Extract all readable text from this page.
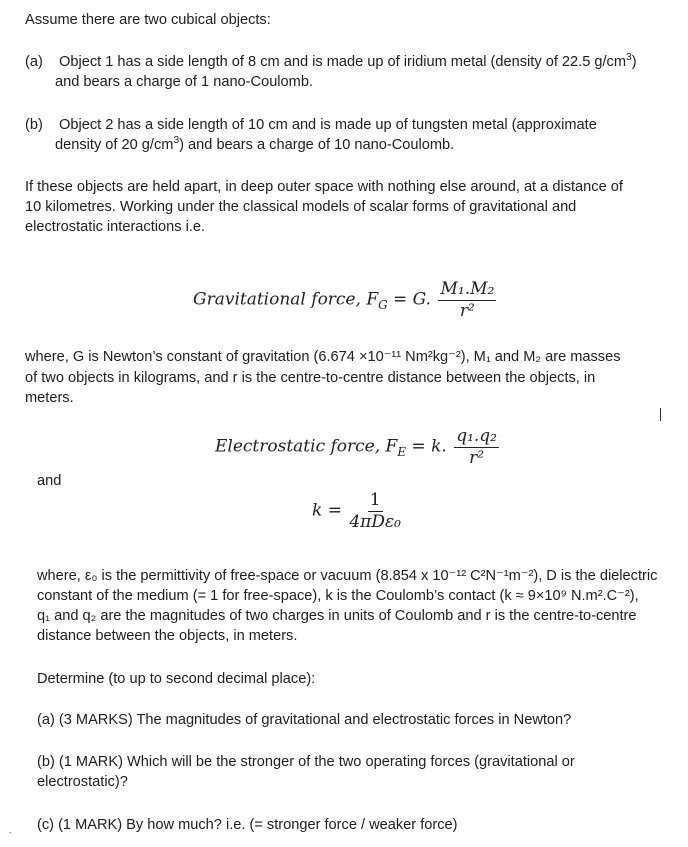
Assume there are two cubical objects:
(a) Object 1 has a side length of 8 cm and is made up of iridium metal (density of 22.5 $g/cm^3$)
and bears a charge of 1 nano-Coulomb.
(b) Object 2 has a side length of 10 cm and is made up of tungsten metal (approximate
density of 20 $g/cm^3$) and bears a charge of 10 nano-Coulomb.
If these objects are held apart, in deep outer space with nothing else around, at a distance of
10 kilometres. Working under the classical models of scalar forms of gravitational and
electrostatic interactions i.e.
Gravitational force, $F_G = G$. $\frac{\text{M₁.M₂}}{\text{r²}}$
where, G is Newton’s constant of gravitation (6.674 ×10⁻¹¹ Nm²kg⁻²), M₁ and M₂ are masses
of two objects in kilograms, and r is the centre-to-centre distance between the objects, in
meters.
Electrostatic force, $F_E = k$. $\frac{\text{q₁.q₂}}{\text{r²}}$
and
$k = \frac{1}{\text{4πDε₀}}$
where, ε₀ is the permittivity of free-space or vacuum (8.854 x 10⁻¹² C²N⁻¹m⁻²), D is the dielectric
constant of the medium (= 1 for free-space), k is the Coulomb’s contact (k ≈ 9×10⁹ N.m².C⁻²),
q₁ and q₂ are the magnitudes of two charges in units of Coulomb and r is the centre-to-centre
distance between the objects, in meters.
Determine (to up to second decimal place):
(a) (3 MARKS) The magnitudes of gravitational and electrostatic forces in Newton?
(b) (1 MARK) Which will be the stronger of the two operating forces (gravitational or
electrostatic)?
(c) (1 MARK) By how much? i.e. (= stronger force / weaker force)
`
